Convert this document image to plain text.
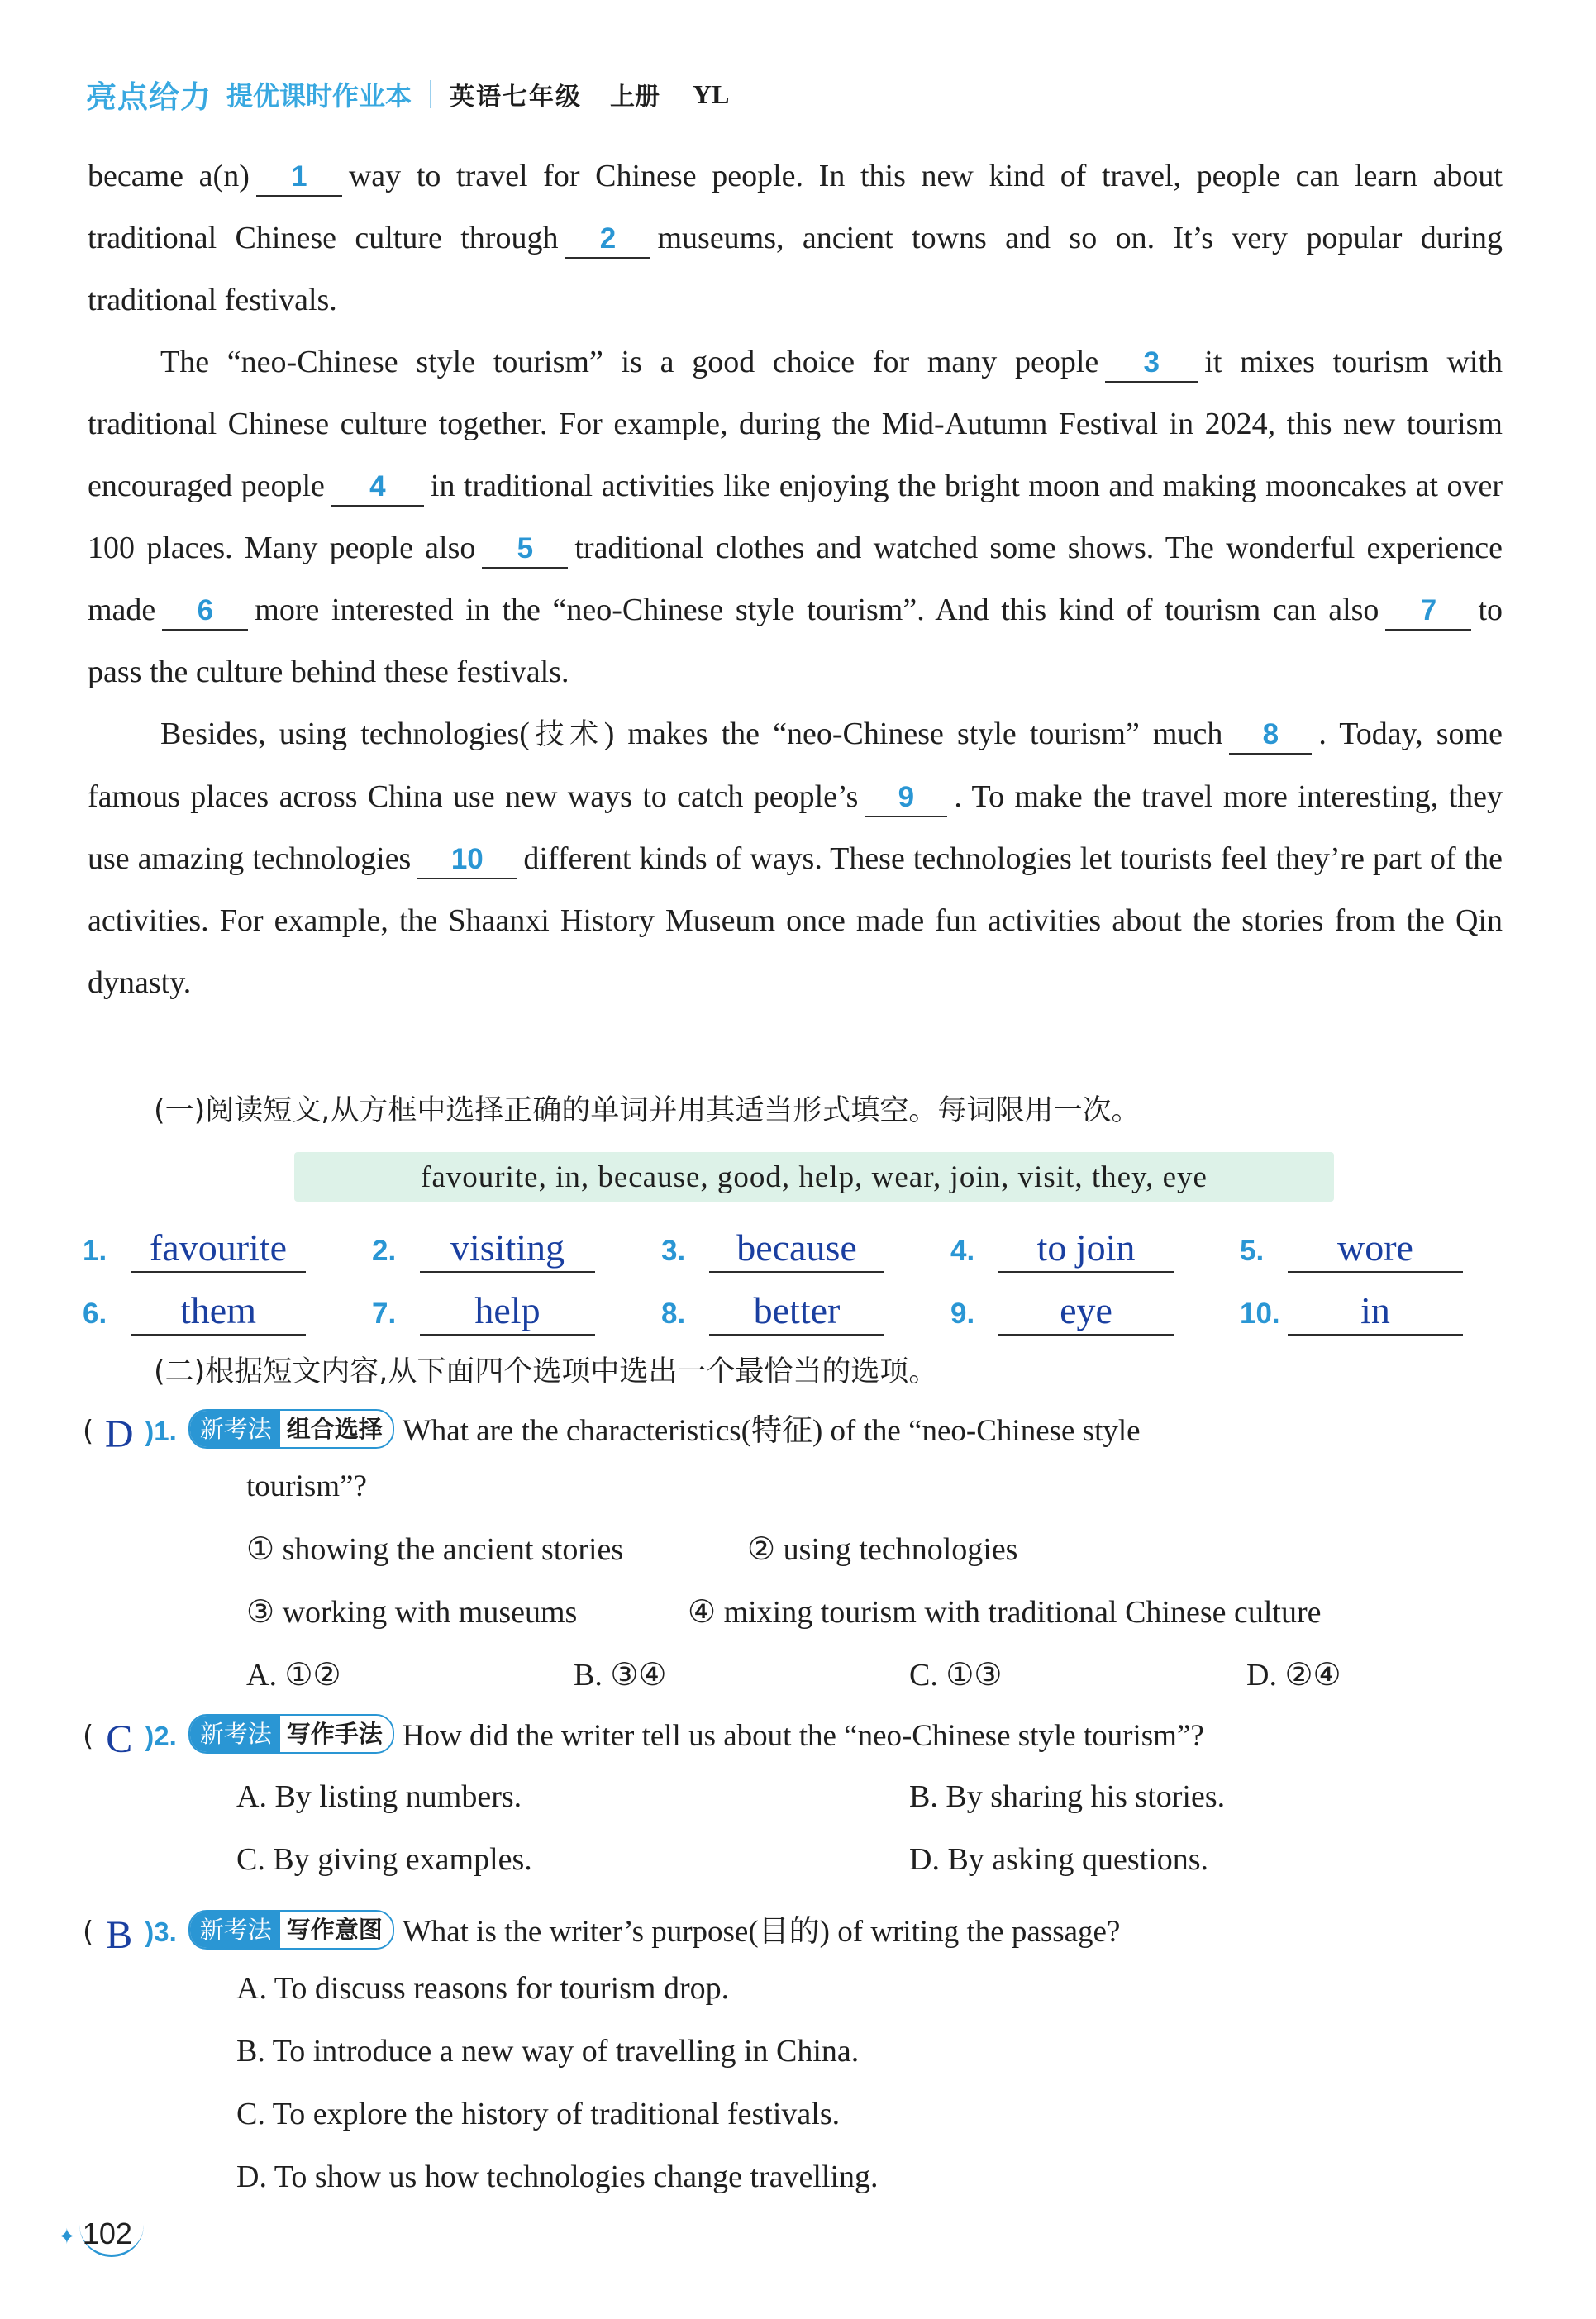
亮点给力 提优课时作业本 英语七年级 上册 YL

became a(n) 1 way to travel for Chinese people. In this new kind of travel, people can learn about traditional Chinese culture through 2 museums, ancient towns and so on. It’s very popular during traditional festivals.

The “neo-Chinese style tourism” is a good choice for many people 3 it mixes tourism with traditional Chinese culture together. For example, during the Mid-Autumn Festival in 2024, this new tourism encouraged people 4 in traditional activities like enjoying the bright moon and making mooncakes at over 100 places. Many people also 5 traditional clothes and watched some shows. The wonderful experience made 6 more interested in the “neo-Chinese style tourism”. And this kind of tourism can also 7 to pass the culture behind these festivals.

Besides, using technologies(技术) makes the “neo-Chinese style tourism” much 8 . Today, some famous places across China use new ways to catch people’s 9 . To make the travel more interesting, they use amazing technologies 10 different kinds of ways. These technologies let tourists feel they’re part of the activities. For example, the Shaanxi History Museum once made fun activities about the stories from the Qin dynasty.

(一)阅读短文,从方框中选择正确的单词并用其适当形式填空。每词限用一次。
favourite, in, because, good, help, wear, join, visit, they, eye
1.	favourite	2.	visiting	3.	because	4.	to join	5.	wore
6.	them	7.	help	8.	better	9.	eye	10.	in
(二)根据短文内容,从下面四个选项中选出一个最恰当的选项。
( D )1. 新考法 组合选择 What are the characteristics(特征) of the “neo-Chinese style
tourism”?
① showing the ancient stories	② using technologies
③ working with museums	④ mixing tourism with traditional Chinese culture
A. ①②	B. ③④	C. ①③	D. ②④
( C )2. 新考法 写作手法 How did the writer tell us about the “neo-Chinese style tourism”?
A. By listing numbers.	B. By sharing his stories.
C. By giving examples.	D. By asking questions.
( B )3. 新考法 写作意图 What is the writer’s purpose(目的) of writing the passage?
A. To discuss reasons for tourism drop.
B. To introduce a new way of travelling in China.
C. To explore the history of traditional festivals.
D. To show us how technologies change travelling.
✦ 102
